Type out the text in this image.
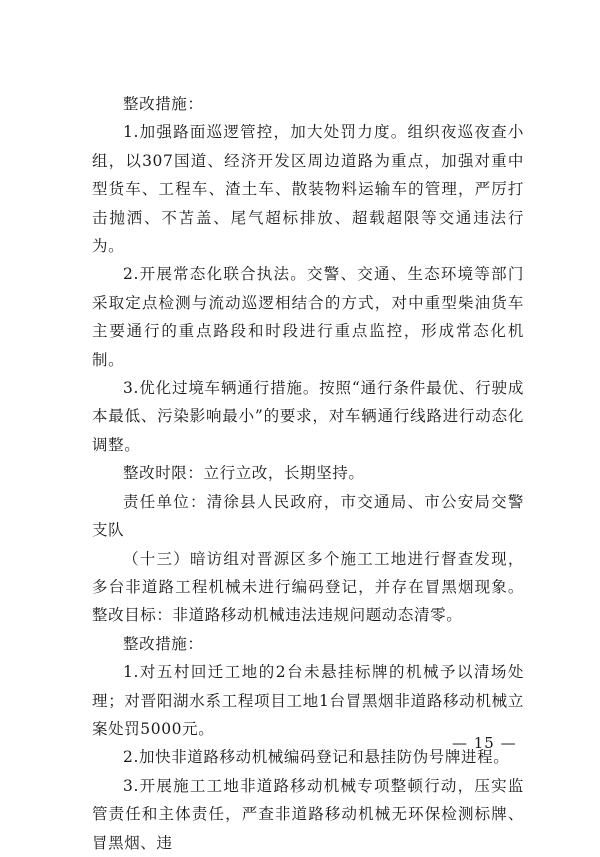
整改措施：

1.加强路面巡逻管控，加大处罚力度。组织夜巡夜查小组，以307国道、经济开发区周边道路为重点，加强对重中型货车、工程车、渣土车、散装物料运输车的管理，严厉打击抛洒、不苫盖、尾气超标排放、超载超限等交通违法行为。

2.开展常态化联合执法。交警、交通、生态环境等部门采取定点检测与流动巡逻相结合的方式，对中重型柴油货车主要通行的重点路段和时段进行重点监控，形成常态化机制。

3.优化过境车辆通行措施。按照“通行条件最优、行驶成本最低、污染影响最小”的要求，对车辆通行线路进行动态化调整。

整改时限：立行立改，长期坚持。

责任单位：清徐县人民政府，市交通局、市公安局交警支队

（十三）暗访组对晋源区多个施工工地进行督查发现，多台非道路工程机械未进行编码登记，并存在冒黑烟现象。整改目标：非道路移动机械违法违规问题动态清零。

整改措施：

1.对五村回迁工地的2台未悬挂标牌的机械予以清场处理；对晋阳湖水系工程项目工地1台冒黑烟非道路移动机械立案处罚5000元。

2.加快非道路移动机械编码登记和悬挂防伪号牌进程。

3.开展施工工地非道路移动机械专项整顿行动，压实监管责任和主体责任，严查非道路移动机械无环保检测标牌、冒黑烟、违

— 15 —
